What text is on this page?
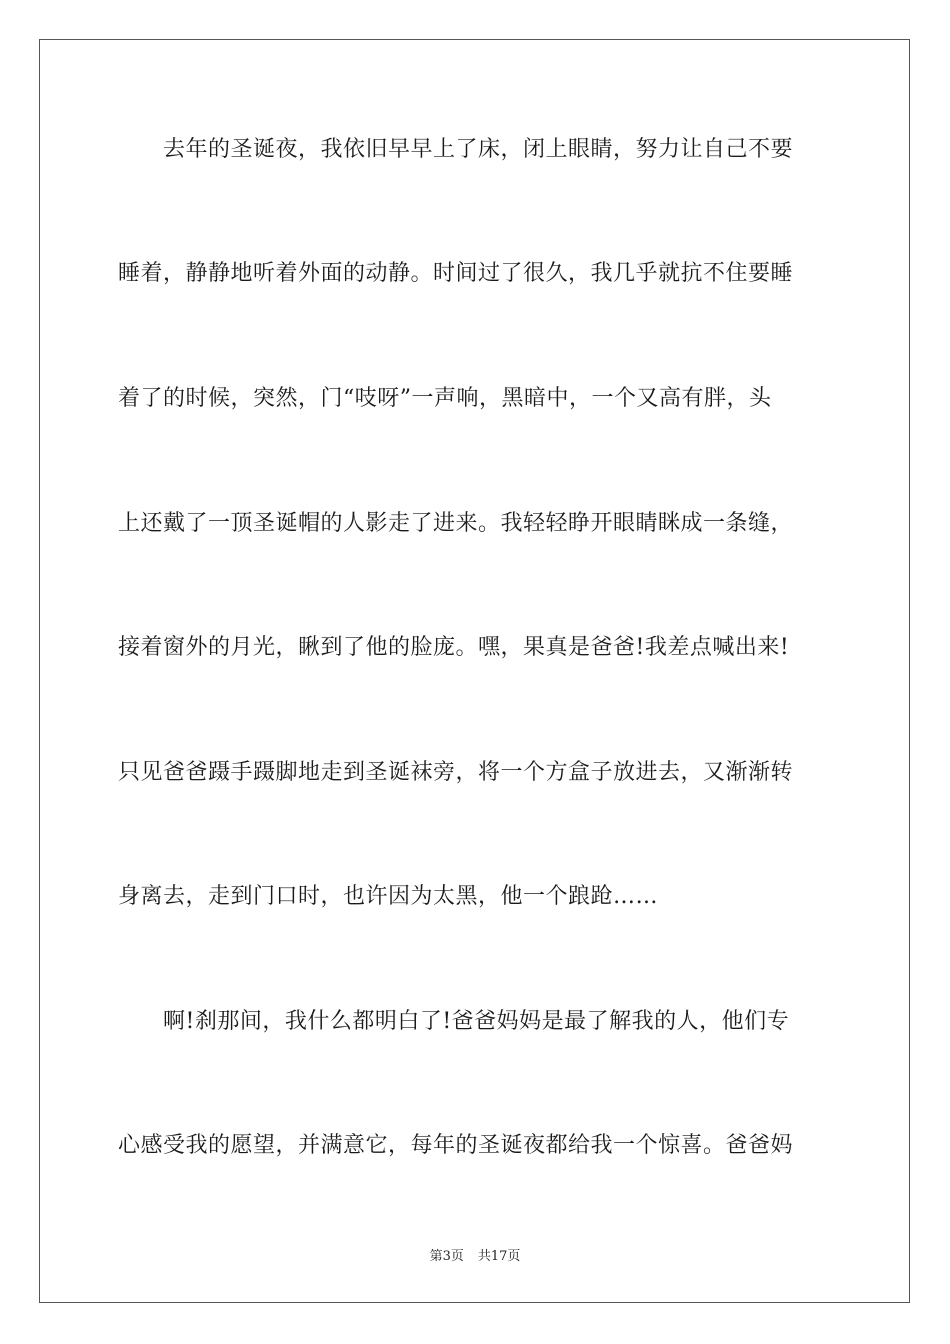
去年的圣诞夜，我依旧早早上了床，闭上眼睛，努力让自己不要
睡着，静静地听着外面的动静。时间过了很久，我几乎就抗不住要睡
着了的时候，突然，门“吱呀”一声响，黑暗中，一个又高有胖，头
上还戴了一顶圣诞帽的人影走了进来。我轻轻睁开眼睛眯成一条缝，
接着窗外的月光，瞅到了他的脸庞。嘿，果真是爸爸!我差点喊出来!
只见爸爸蹑手蹑脚地走到圣诞袜旁，将一个方盒子放进去，又渐渐转
身离去，走到门口时，也许因为太黑，他一个踉跄……
啊!刹那间，我什么都明白了!爸爸妈妈是最了解我的人，他们专
心感受我的愿望，并满意它，每年的圣诞夜都给我一个惊喜。爸爸妈
第3页 共17页
